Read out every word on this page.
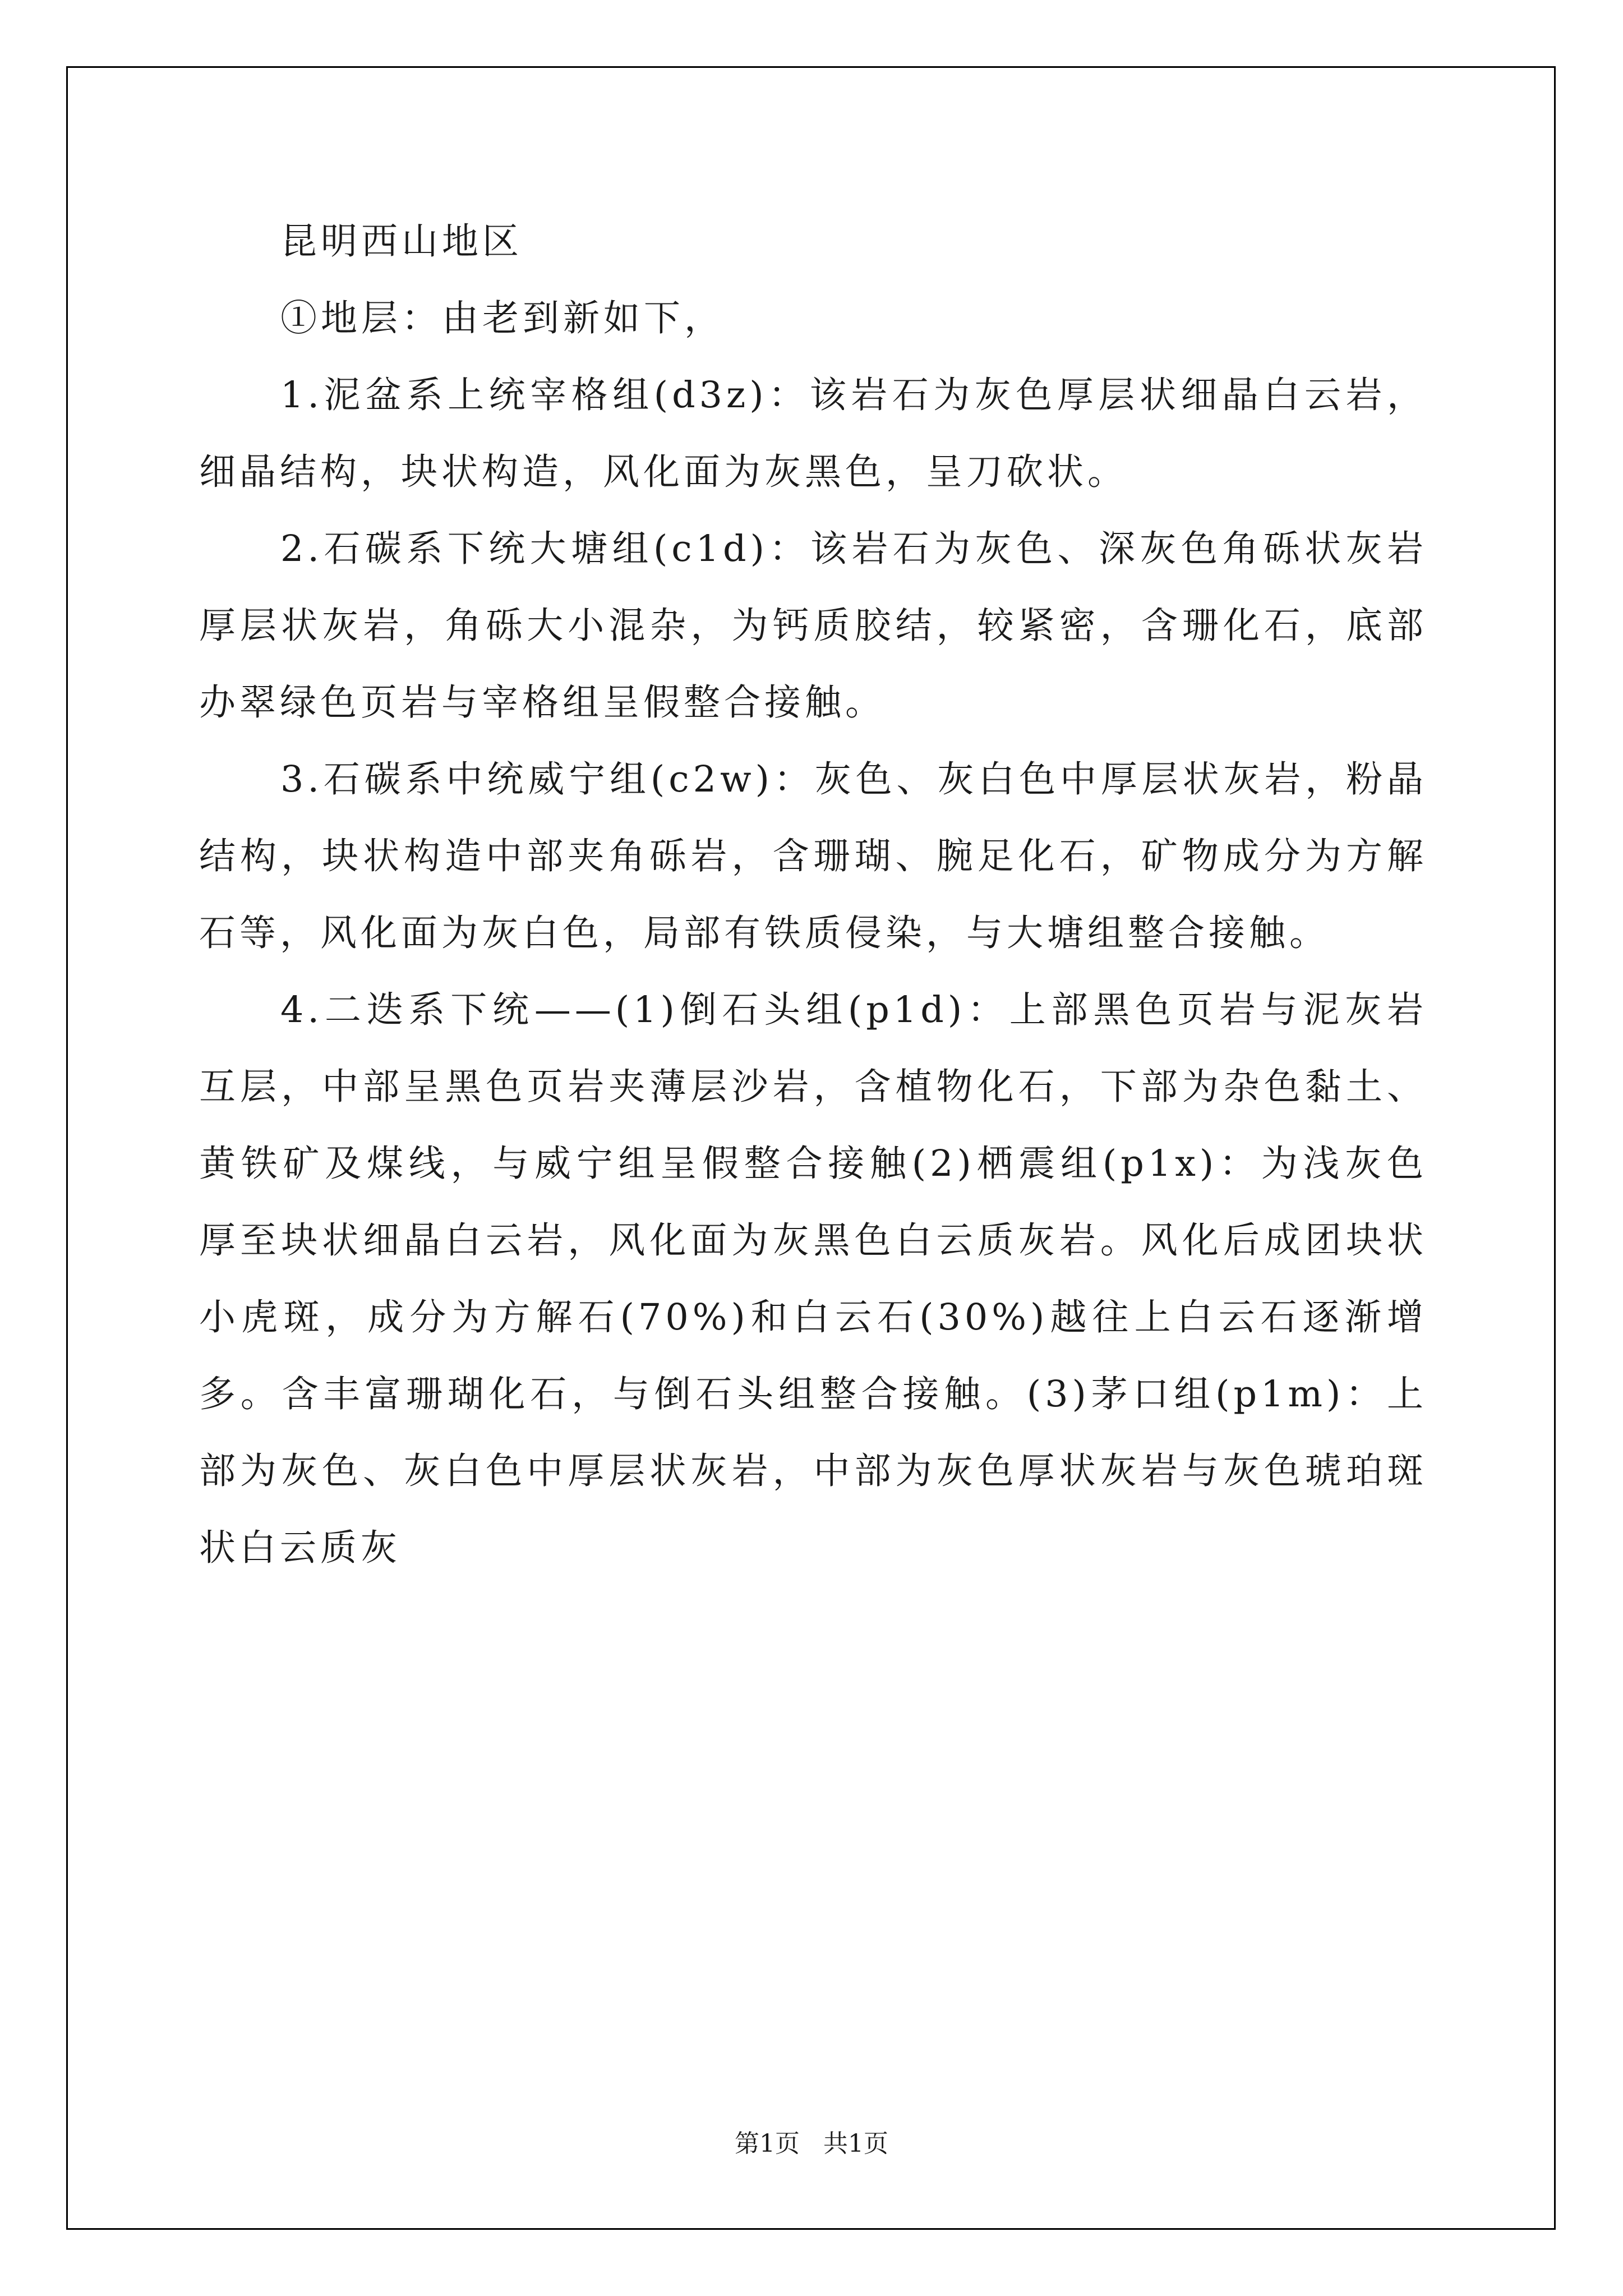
昆明西山地区

①地层：由老到新如下，

1.泥盆系上统宰格组(d3z)：该岩石为灰色厚层状细晶白云岩，细晶结构，块状构造，风化面为灰黑色，呈刀砍状。

2.石碳系下统大塘组(c1d)：该岩石为灰色、深灰色角砾状灰岩厚层状灰岩，角砾大小混杂，为钙质胶结，较紧密，含珊化石，底部办翠绿色页岩与宰格组呈假整合接触。

3.石碳系中统威宁组(c2w)：灰色、灰白色中厚层状灰岩，粉晶结构，块状构造中部夹角砾岩，含珊瑚、腕足化石，矿物成分为方解石等，风化面为灰白色，局部有铁质侵染，与大塘组整合接触。

4.二迭系下统——(1)倒石头组(p1d)：上部黑色页岩与泥灰岩互层，中部呈黑色页岩夹薄层沙岩，含植物化石，下部为杂色黏土、黄铁矿及煤线，与威宁组呈假整合接触(2)栖震组(p1x)：为浅灰色厚至块状细晶白云岩，风化面为灰黑色白云质灰岩。风化后成团块状小虎斑，成分为方解石(70%)和白云石(30%)越往上白云石逐渐增多。含丰富珊瑚化石，与倒石头组整合接触。(3)茅口组(p1m)：上部为灰色、灰白色中厚层状灰岩，中部为灰色厚状灰岩与灰色琥珀斑状白云质灰

第1页 共1页
